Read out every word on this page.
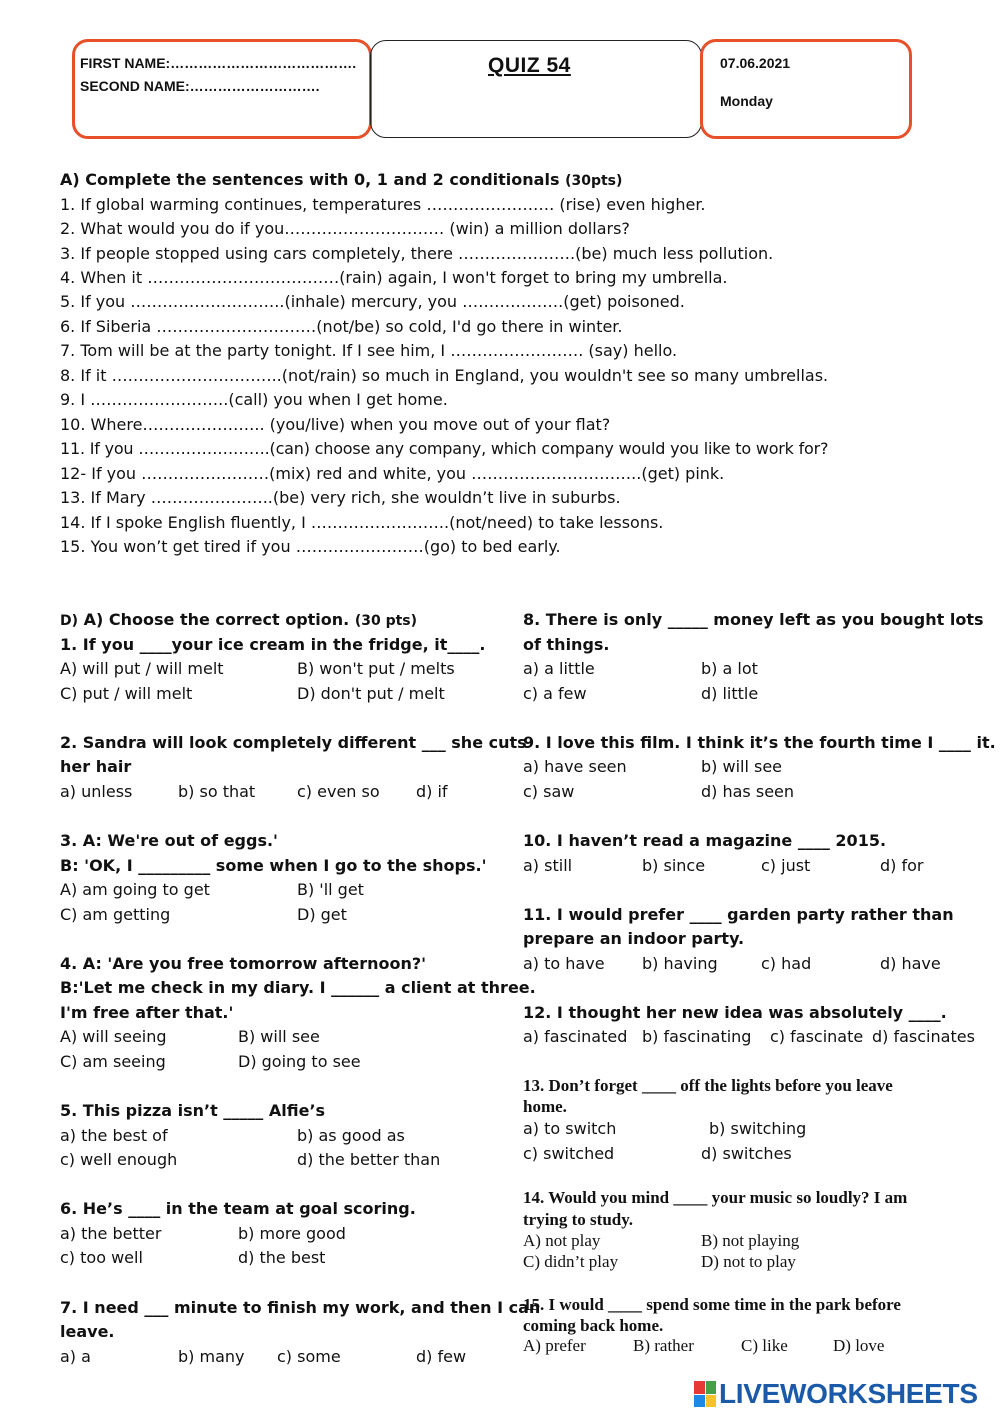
FIRST NAME:………………………………….
SECOND NAME:……………………….
QUIZ 54	07.06.2021
Monday
A) Complete the sentences with 0, 1 and 2 conditionals (30pts)
1. If global warming continues, temperatures …………………… (rise) even higher.
2. What would you do if you………………………… (win) a million dollars?
3. If people stopped using cars completely, there ………………….(be) much less pollution.
4. When it ………………………………(rain) again, I won't forget to bring my umbrella.
5. If you ………………………..(inhale) mercury, you ……………….(get) poisoned.
6. If Siberia …………………………(not/be) so cold, I'd go there in winter.
7. Tom will be at the party tonight. If I see him, I ……………………. (say) hello.
8. If it …………………………..(not/rain) so much in England, you wouldn't see so many umbrellas.
9. I ……………………..(call) you when I get home.
10. Where………………….. (you/live) when you move out of your flat?
11. If you …………………….(can) choose any company, which company would you like to work for?
12- If you ……………………(mix) red and white, you …………………………..(get) pink.
13. If Mary …………………..(be) very rich, she wouldn’t live in suburbs.
14. If I spoke English fluently, I ……………………..(not/need) to take lessons.
15. You won’t get tired if you ……………………(go) to bed early.
D) A) Choose the correct option. (30 pts)
1. If you ____your ice cream in the fridge, it____.
A) will put / will melt	B) won't put / melts
C) put / will melt	D) don't put / melt
2. Sandra will look completely different ___ she cuts
her hair
a) unless	b) so that	c) even so d) if
3. A: We're out of eggs.'
B: 'OK, I _________ some when I go to the shops.'
A) am going to get	B) 'll get
C) am getting	D) get
4. A: 'Are you free tomorrow afternoon?'
B:'Let me check in my diary. I ______ a client at three.
I'm free after that.'
A) will seeing	B) will see
C) am seeing	D) going to see
5. This pizza isn’t _____ Alfie’s
a) the best of	b) as good as
c) well enough	d) the better than
6. He’s ____ in the team at goal scoring.
a) the better	b) more good
c) too well	d) the best
7. I need ___ minute to finish my work, and then I can
leave.
a) a	b) many c) some	d) few
8. There is only _____ money left as you bought lots
of things.
a) a little	b) a lot
c) a few	d) little
9. I love this film. I think it’s the fourth time I ____ it.
a) have seen	b) will see
c) saw	d) has seen
10. I haven’t read a magazine ____ 2015.
a) still	b) since	c) just	d) for
11. I would prefer ____ garden party rather than
prepare an indoor party.
a) to have b) having	c) had	d) have
12. I thought her new idea was absolutely ____.
a) fascinated b) fascinating c) fascinate d) fascinates
13. Don’t forget ____ off the lights before you leave
home.
a) to switch	b) switching
c) switched	d) switches
14. Would you mind ____ your music so loudly? I am
trying to study.
A) not play	B) not playing
C) didn’t play	D) not to play
15. I would ____ spend some time in the park before
coming back home.
A) prefer	B) rather	C) like	D) love
LIVEWORKSHEETS
